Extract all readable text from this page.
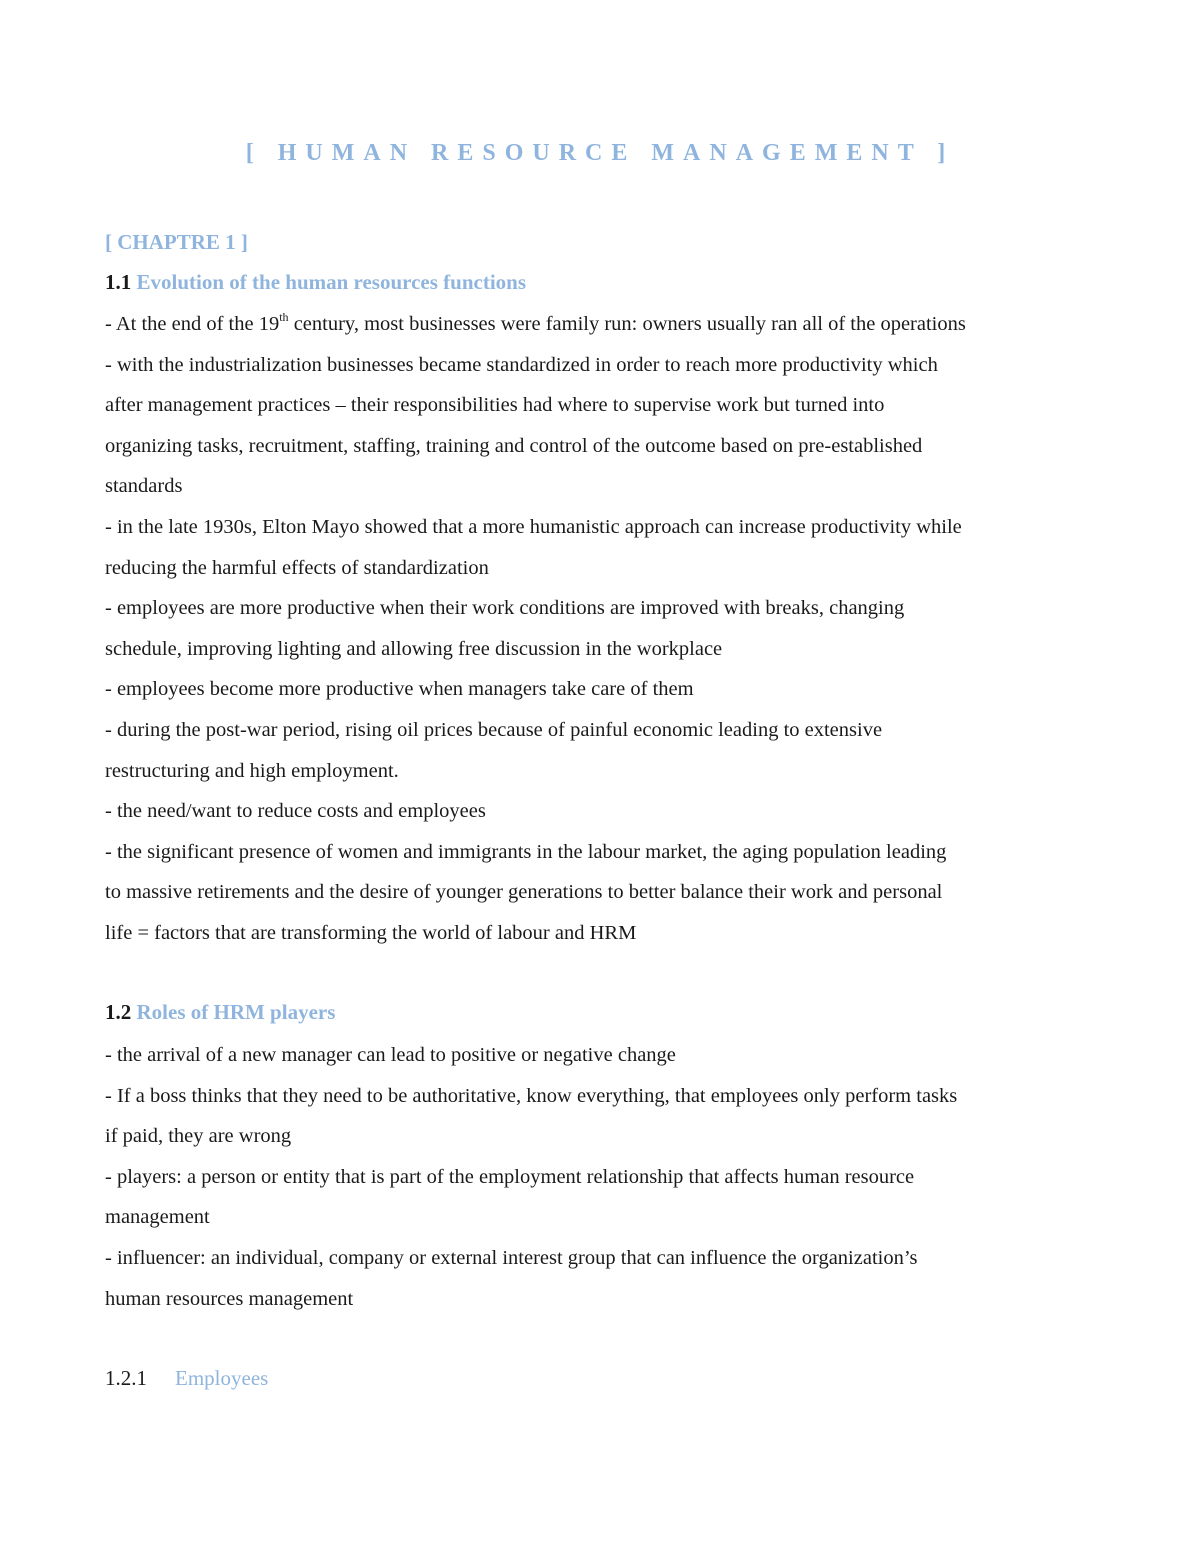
[ HUMAN RESOURCE MANAGEMENT ]
[ CHAPTRE 1 ]
1.1 Evolution of the human resources functions
- At the end of the 19th century, most businesses were family run: owners usually ran all of the operations
- with the industrialization businesses became standardized in order to reach more productivity which
after management practices – their responsibilities had where to supervise work but turned into
organizing tasks, recruitment, staffing, training and control of the outcome based on pre-established
standards
- in the late 1930s, Elton Mayo showed that a more humanistic approach can increase productivity while
reducing the harmful effects of standardization
- employees are more productive when their work conditions are improved with breaks, changing
schedule, improving lighting and allowing free discussion in the workplace
- employees become more productive when managers take care of them
- during the post-war period, rising oil prices because of painful economic leading to extensive
restructuring and high employment.
- the need/want to reduce costs and employees
- the significant presence of women and immigrants in the labour market, the aging population leading
to massive retirements and the desire of younger generations to better balance their work and personal
life = factors that are transforming the world of labour and HRM
1.2 Roles of HRM players
- the arrival of a new manager can lead to positive or negative change
- If a boss thinks that they need to be authoritative, know everything, that employees only perform tasks
if paid, they are wrong
- players: a person or entity that is part of the employment relationship that affects human resource
management
- influencer: an individual, company or external interest group that can influence the organization’s
human resources management
1.2.1 Employees
